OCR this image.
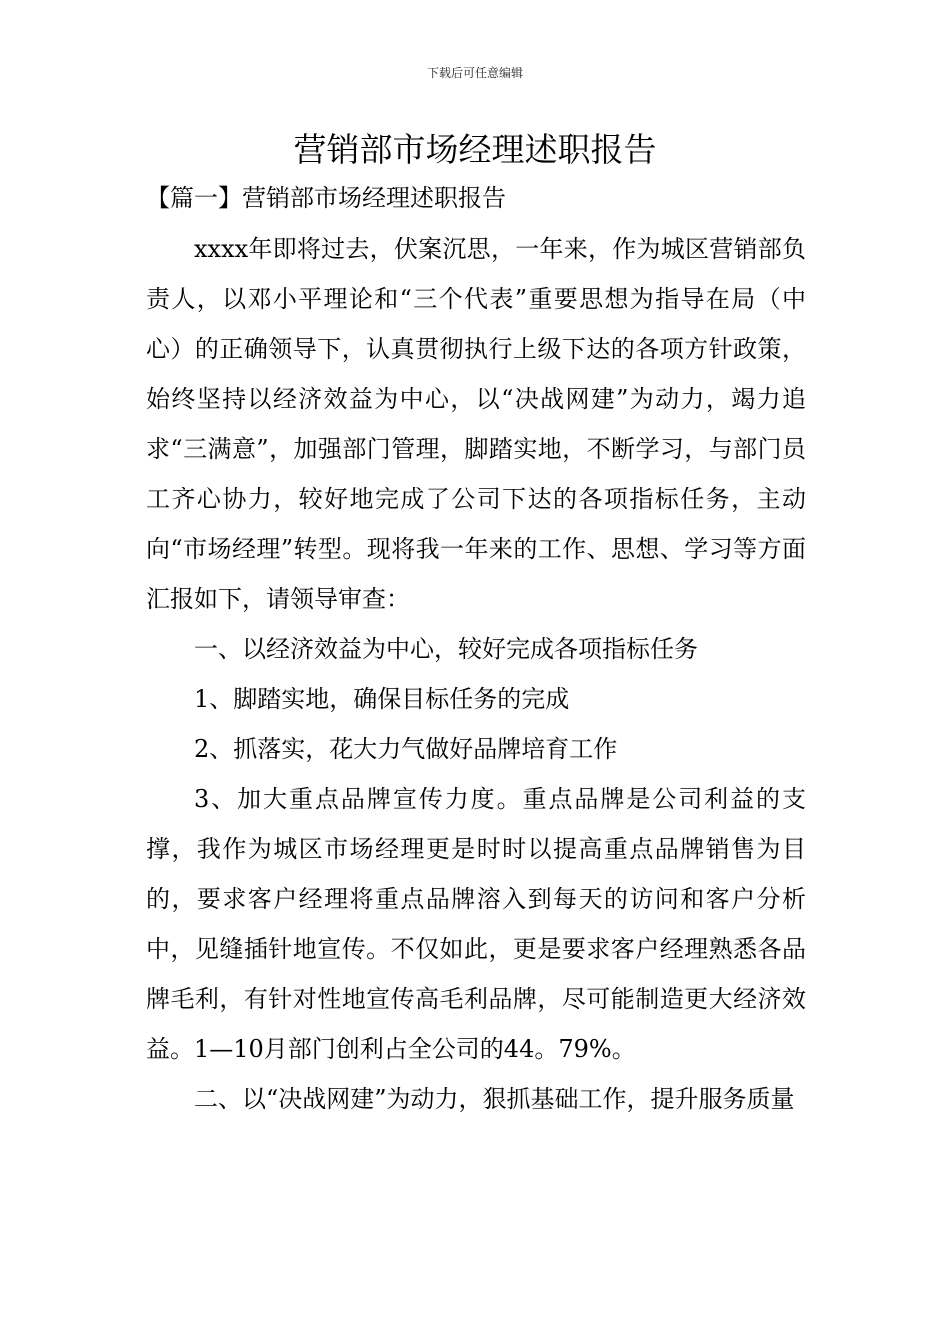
下载后可任意编辑
营销部市场经理述职报告
【篇一】营销部市场经理述职报告

xxxx年即将过去，伏案沉思，一年来，作为城区营销部负责人，以邓小平理论和“三个代表”重要思想为指导在局（中心）的正确领导下，认真贯彻执行上级下达的各项方针政策，始终坚持以经济效益为中心，以“决战网建”为动力，竭力追求“三满意”，加强部门管理，脚踏实地，不断学习，与部门员工齐心协力，较好地完成了公司下达的各项指标任务，主动向“市场经理”转型。现将我一年来的工作、思想、学习等方面汇报如下，请领导审查：

一、以经济效益为中心，较好完成各项指标任务

1、脚踏实地，确保目标任务的完成

2、抓落实，花大力气做好品牌培育工作

3、加大重点品牌宣传力度。重点品牌是公司利益的支撑，我作为城区市场经理更是时时以提高重点品牌销售为目的，要求客户经理将重点品牌溶入到每天的访问和客户分析中，见缝插针地宣传。不仅如此，更是要求客户经理熟悉各品牌毛利，有针对性地宣传高毛利品牌，尽可能制造更大经济效益。1—10月部门创利占全公司的44。79%。

二、以“决战网建”为动力，狠抓基础工作，提升服务质量
